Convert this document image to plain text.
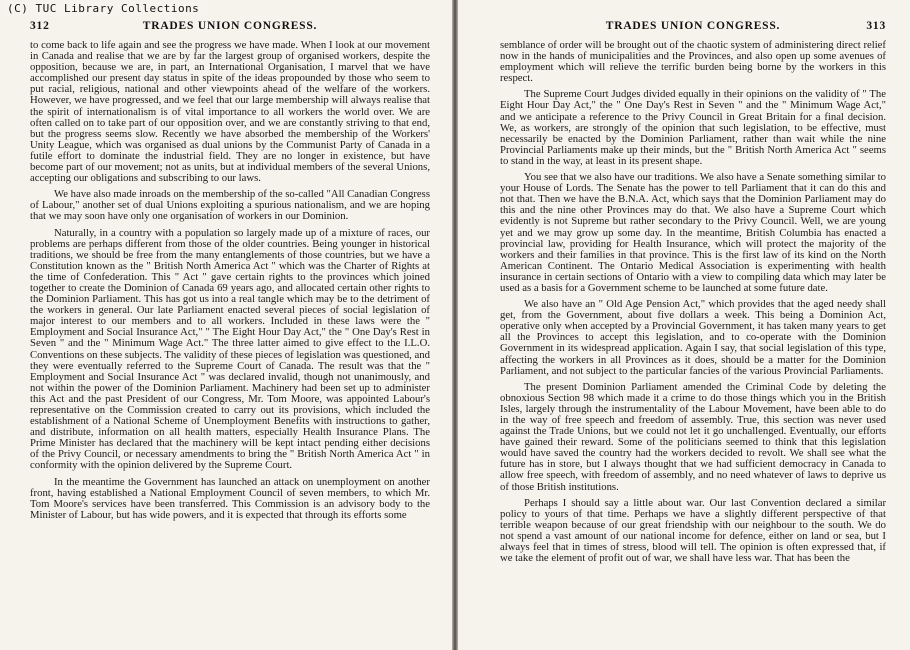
312	TRADES UNION CONGRESS.

to come back to life again and see the progress we have made. When I look at our movement in Canada and realise that we are by far the largest group of organised workers, despite the opposition, because we are, in part, an International Organisation, I marvel that we have accomplished our present day status in spite of the ideas propounded by those who seem to put racial, religious, national and other viewpoints ahead of the welfare of the workers. However, we have progressed, and we feel that our large membership will always realise that the spirit of internationalism is of vital importance to all workers the world over. We are often called on to take part of our opposition over, and we are constantly striving to that end, but the progress seems slow. Recently we have absorbed the membership of the Workers' Unity League, which was organised as dual unions by the Communist Party of Canada in a futile effort to dominate the industrial field. They are no longer in existence, but have become part of our movement; not as units, but at individual members of the several Unions, accepting our obligations and subscribing to our laws.

We have also made inroads on the membership of the so-called "All Canadian Congress of Labour," another set of dual Unions exploiting a spurious nationalism, and we are hoping that we may soon have only one organisation of workers in our Dominion.

Naturally, in a country with a population so largely made up of a mixture of races, our problems are perhaps different from those of the older countries. Being younger in historical traditions, we should be free from the many entanglements of those countries, but we have a Constitution known as the " British North America Act " which was the Charter of Rights at the time of Confederation. This " Act " gave certain rights to the provinces which joined together to create the Dominion of Canada 69 years ago, and allocated certain other rights to the Dominion Parliament. This has got us into a real tangle which may be to the detriment of the workers in general. Our late Parliament enacted several pieces of social legislation of major interest to our members and to all workers. Included in these laws were the " Employment and Social Insurance Act," " The Eight Hour Day Act," the " One Day's Rest in Seven " and the " Minimum Wage Act." The three latter aimed to give effect to the I.L.O. Conventions on these subjects. The validity of these pieces of legislation was questioned, and they were eventually referred to the Supreme Court of Canada. The result was that the " Employment and Social Insurance Act " was declared invalid, though not unanimously, and not within the power of the Dominion Parliament. Machinery had been set up to administer this Act and the past President of our Congress, Mr. Tom Moore, was appointed Labour's representative on the Commission created to carry out its provisions, which included the establishment of a National Scheme of Unemployment Benefits with instructions to gather, and distribute, information on all health matters, especially Health Insurance Plans. The Prime Minister has declared that the machinery will be kept intact pending either decisions of the Privy Council, or necessary amendments to bring the " British North America Act " in conformity with the opinion delivered by the Supreme Court.

In the meantime the Government has launched an attack on unemployment on another front, having established a National Employment Council of seven members, to which Mr. Tom Moore's services have been transferred. This Commission is an advisory body to the Minister of Labour, but has wide powers, and it is expected that through its efforts some

TRADES UNION CONGRESS.	313

semblance of order will be brought out of the chaotic system of administering direct relief now in the hands of municipalities and the Provinces, and also open up some avenues of employment which will relieve the terrific burden being borne by the workers in this respect.

The Supreme Court Judges divided equally in their opinions on the validity of " The Eight Hour Day Act," the " One Day's Rest in Seven " and the " Minimum Wage Act," and we anticipate a reference to the Privy Council in Great Britain for a final decision. We, as workers, are strongly of the opinion that such legislation, to be effective, must necessarily be enacted by the Dominion Parliament, rather than wait while the nine Provincial Parliaments make up their minds, but the " British North America Act " seems to stand in the way, at least in its present shape.

You see that we also have our traditions. We also have a Senate something similar to your House of Lords. The Senate has the power to tell Parliament that it can do this and not that. Then we have the B.N.A. Act, which says that the Dominion Parliament may do this and the nine other Provinces may do that. We also have a Supreme Court which evidently is not Supreme but rather secondary to the Privy Council. Well, we are young yet and we may grow up some day. In the meantime, British Columbia has enacted a provincial law, providing for Health Insurance, which will protect the majority of the workers and their families in that province. This is the first law of its kind on the North American Continent. The Ontario Medical Association is experimenting with health insurance in certain sections of Ontario with a view to compiling data which may later be used as a basis for a Government scheme to be launched at some future date.

We also have an " Old Age Pension Act," which provides that the aged needy shall get, from the Government, about five dollars a week. This being a Dominion Act, operative only when accepted by a Provincial Government, it has taken many years to get all the Provinces to accept this legislation, and to co-operate with the Dominion Government in its widespread application. Again I say, that social legislation of this type, affecting the workers in all Provinces as it does, should be a matter for the Dominion Parliament, and not subject to the particular fancies of the various Provincial Parliaments.

The present Dominion Parliament amended the Criminal Code by deleting the obnoxious Section 98 which made it a crime to do those things which you in the British Isles, largely through the instrumentality of the Labour Movement, have been able to do in the way of free speech and freedom of assembly. True, this section was never used against the Trade Unions, but we could not let it go unchallenged. Eventually, our efforts have gained their reward. Some of the politicians seemed to think that this legislation would have saved the country had the workers decided to revolt. We shall see what the future has in store, but I always thought that we had sufficient democracy in Canada to allow free speech, with freedom of assembly, and no need whatever of laws to deprive us of those British institutions.

Perhaps I should say a little about war. Our last Convention declared a similar policy to yours of that time. Perhaps we have a slightly different perspective of that terrible weapon because of our great friendship with our neighbour to the south. We do not spend a vast amount of our national income for defence, either on land or sea, but I always feel that in times of stress, blood will tell. The opinion is often expressed that, if we take the element of profit out of war, we shall have less war. That has been the

(C) TUC Library Collections
